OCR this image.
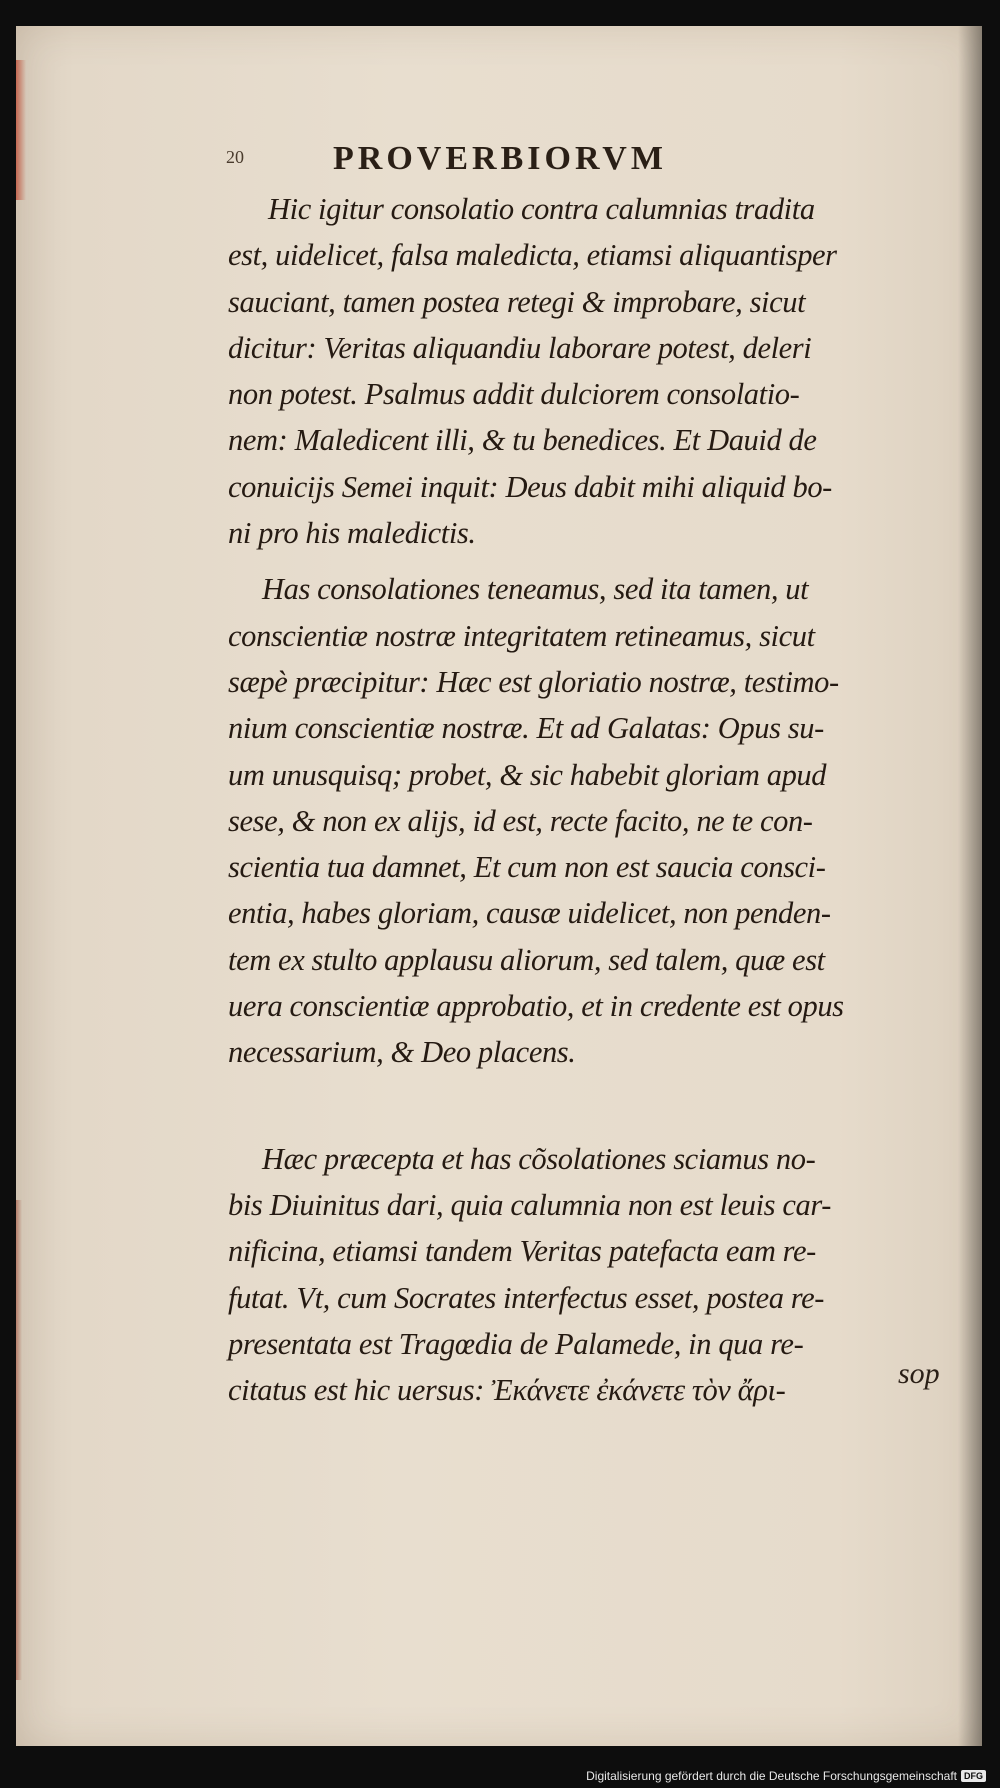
20	PROVERBIORVM
Hic igitur consolatio contra calumnias tradita
est, uidelicet, falsa maledicta, etiamsi aliquantisper
sauciant, tamen postea retegi & improbare, sicut
dicitur: Veritas aliquandiu laborare potest, deleri
non potest. Psalmus addit dulciorem consolatio-
nem: Maledicent illi, & tu benedices. Et Dauid de
conuicijs Semei inquit: Deus dabit mihi aliquid bo-
ni pro his maledictis.
Has consolationes teneamus, sed ita tamen, ut
conscientiæ nostræ integritatem retineamus, sicut
sæpè præcipitur: Hæc est gloriatio nostræ, testimo-
nium conscientiæ nostræ. Et ad Galatas: Opus su-
um unusquisq; probet, & sic habebit gloriam apud
sese, & non ex alijs, id est, recte facito, ne te con-
scientia tua damnet, Et cum non est saucia consci-
entia, habes gloriam, causæ uidelicet, non penden-
tem ex stulto applausu aliorum, sed talem, quæ est
uera conscientiæ approbatio, et in credente est opus
necessarium, & Deo placens.
Hæc præcepta et has cõsolationes sciamus no-
bis Diuinitus dari, quia calumnia non est leuis car-
nificina, etiamsi tandem Veritas patefacta eam re-
futat. Vt, cum Socrates interfectus esset, postea re-
presentata est Tragœdia de Palamede, in qua re-
citatus est hic uersus: Ἐκάνετε ἐκάνετε τὸν ἄρι-	sop
Digitalisierung gefördert durch die Deutsche Forschungsgemeinschaft DFG
